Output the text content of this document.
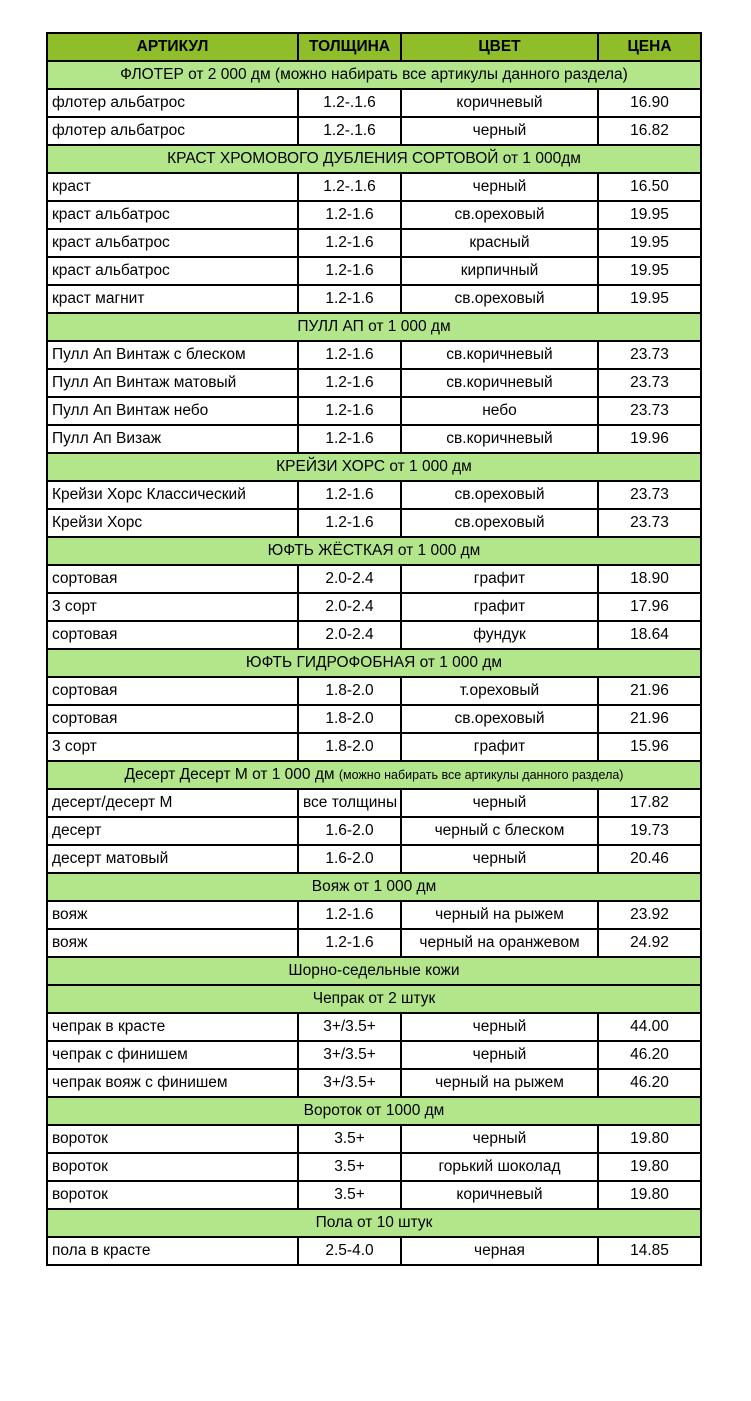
АРТИКУЛ	ТОЛЩИНА	ЦВЕТ	ЦЕНА
ФЛОТЕР от 2 000 дм (можно набирать все артикулы данного раздела)			
флотер альбатрос	1.2-.1.6	коричневый	16.90
флотер альбатрос	1.2-.1.6	черный	16.82
КРАСТ ХРОМОВОГО ДУБЛЕНИЯ СОРТОВОЙ от 1 000дм			
краст	1.2-.1.6	черный	16.50
краст альбатрос	1.2-1.6	св.ореховый	19.95
краст альбатрос	1.2-1.6	красный	19.95
краст альбатрос	1.2-1.6	кирпичный	19.95
краст магнит	1.2-1.6	св.ореховый	19.95
ПУЛЛ АП от 1 000 дм			
Пулл Ап Винтаж с блеском	1.2-1.6	св.коричневый	23.73
Пулл Ап Винтаж матовый	1.2-1.6	св.коричневый	23.73
Пулл Ап Винтаж небо	1.2-1.6	небо	23.73
Пулл Ап Визаж	1.2-1.6	св.коричневый	19.96
КРЕЙЗИ ХОРС от 1 000 дм			
Крейзи Хорс Классический	1.2-1.6	св.ореховый	23.73
Крейзи Хорс	1.2-1.6	св.ореховый	23.73
ЮФТЬ ЖЁСТКАЯ от 1 000 дм			
сортовая	2.0-2.4	графит	18.90
3 сорт	2.0-2.4	графит	17.96
сортовая	2.0-2.4	фундук	18.64
ЮФТЬ ГИДРОФОБНАЯ от 1 000 дм			
сортовая	1.8-2.0	т.ореховый	21.96
сортовая	1.8-2.0	св.ореховый	21.96
3 сорт	1.8-2.0	графит	15.96
Десерт Десерт М от 1 000 дм (можно набирать все артикулы данного раздела)			
десерт/десерт М	все толщины	черный	17.82
десерт	1.6-2.0	черный с блеском	19.73
десерт матовый	1.6-2.0	черный	20.46
Вояж от 1 000 дм			
вояж	1.2-1.6	черный на рыжем	23.92
вояж	1.2-1.6	черный на оранжевом	24.92
Шорно-седельные кожи			
Чепрак от 2 штук			
чепрак в красте	3+/3.5+	черный	44.00
чепрак с финишем	3+/3.5+	черный	46.20
чепрак вояж с финишем	3+/3.5+	черный на рыжем	46.20
Вороток от 1000 дм			
вороток	3.5+	черный	19.80
вороток	3.5+	горький шоколад	19.80
вороток	3.5+	коричневый	19.80
Пола от 10 штук			
пола в красте	2.5-4.0	черная	14.85
